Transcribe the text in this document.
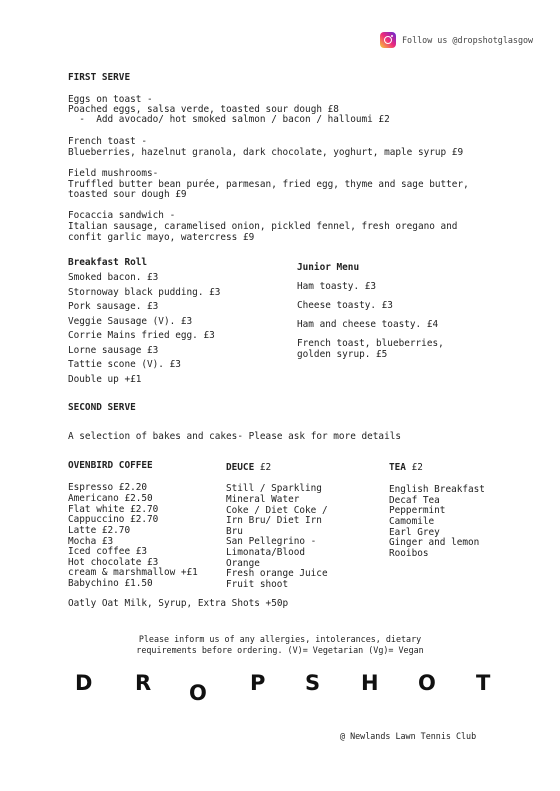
Follow us @dropshotglasgow
FIRST SERVE
Eggs on toast -
Poached eggs, salsa verde, toasted sour dough £8
-  Add avocado/ hot smoked salmon / bacon / halloumi £2
French toast -
Blueberries, hazelnut granola, dark chocolate, yoghurt, maple syrup £9
Field mushrooms-
Truffled butter bean purée, parmesan, fried egg, thyme and sage butter,
toasted sour dough £9
Focaccia sandwich -
Italian sausage, caramelised onion, pickled fennel, fresh oregano and
confit garlic mayo, watercress £9
Breakfast Roll
Smoked bacon. £3
Stornoway black pudding. £3
Pork sausage. £3
Veggie Sausage (V). £3
Corrie Mains fried egg. £3
Lorne sausage £3
Tattie scone (V). £3
Double up +£1
Junior Menu
Ham toasty. £3
Cheese toasty. £3
Ham and cheese toasty. £4
French toast, blueberries,
golden syrup. £5
SECOND SERVE
A selection of bakes and cakes- Please ask for more details
OVENBIRD COFFEE
Espresso £2.20
Americano £2.50
Flat white £2.70
Cappuccino £2.70
Latte £2.70
Mocha £3
Iced coffee £3
Hot chocolate £3
cream & marshmallow +£1
Babychino £1.50
DEUCE £2
Still / Sparkling
Mineral Water
Coke / Diet Coke /
Irn Bru/ Diet Irn
Bru
San Pellegrino -
Limonata/Blood
Orange
Fresh orange Juice
Fruit shoot
TEA £2
English Breakfast
Decaf Tea
Peppermint
Camomile
Earl Grey
Ginger and lemon
Rooibos
Oatly Oat Milk, Syrup, Extra Shots +50p
Please inform us of any allergies, intolerances, dietary
requirements before ordering. (V)= Vegetarian (Vg)= Vegan
D R O P S H O T
@ Newlands Lawn Tennis Club
